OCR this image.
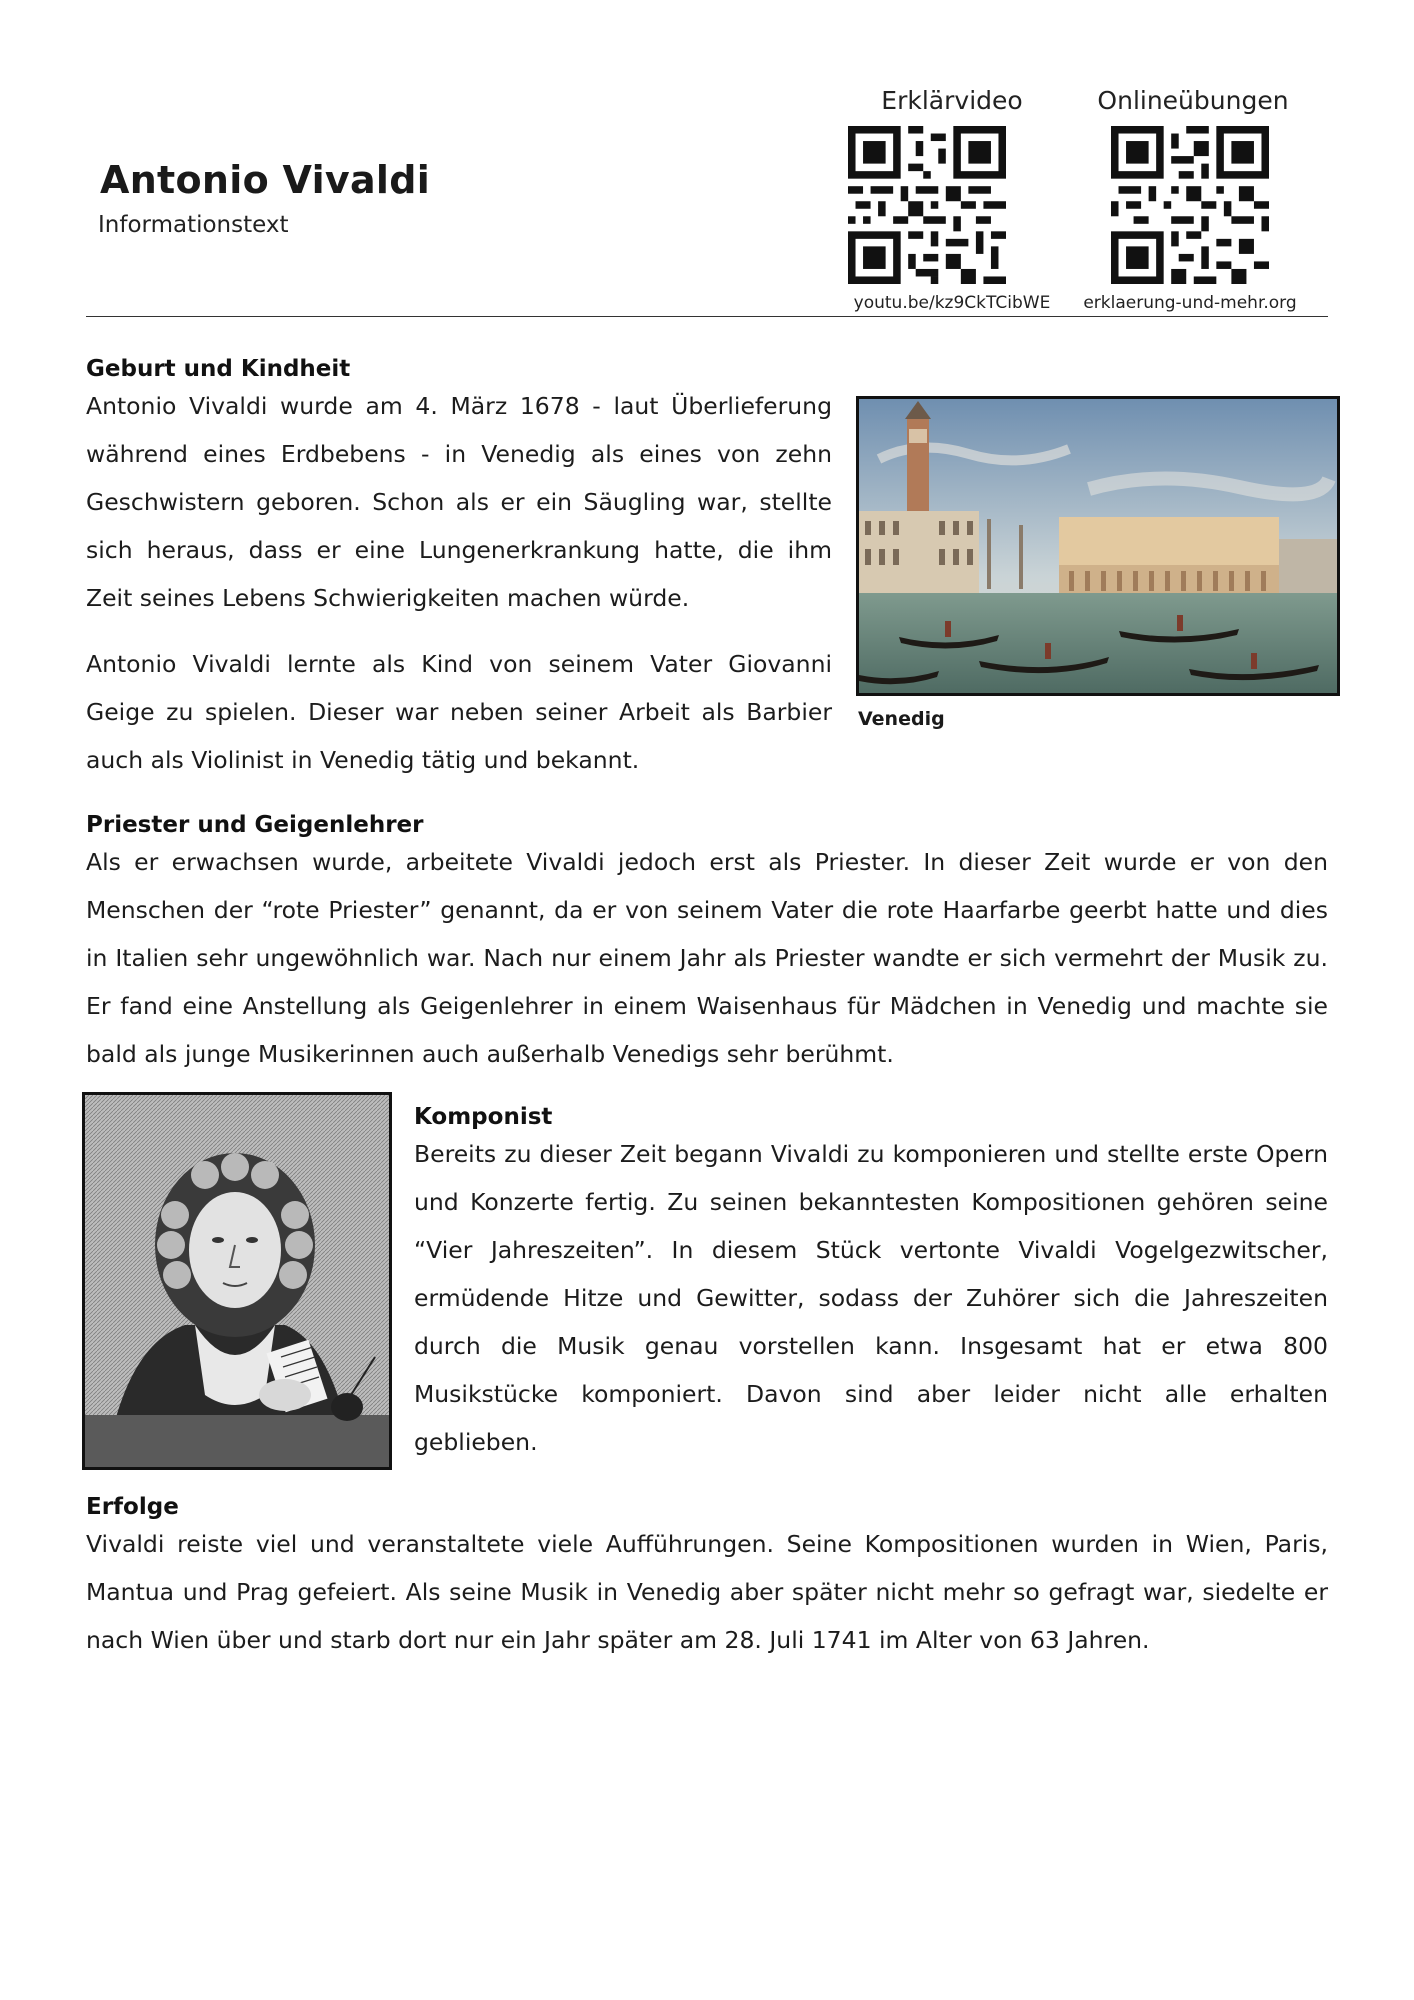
Antonio Vivaldi
Informationstext
Erklärvideo
youtu.be/kz9CkTCibWE
Onlineübungen
erklaerung-und-mehr.org
Geburt und Kindheit
Antonio Vivaldi wurde am 4. März 1678 - laut Überlieferung während eines Erdbebens - in Venedig als eines von zehn Geschwistern geboren. Schon als er ein Säugling war, stellte sich heraus, dass er eine Lungenerkrankung hatte, die ihm Zeit seines Lebens Schwierigkeiten machen würde.
Antonio Vivaldi lernte als Kind von seinem Vater Giovanni Geige zu spielen. Dieser war neben seiner Arbeit als Barbier auch als Violinist in Venedig tätig und bekannt.
Venedig
Priester und Geigenlehrer
Als er erwachsen wurde, arbeitete Vivaldi jedoch erst als Priester. In dieser Zeit wurde er von den Menschen der “rote Priester” genannt, da er von seinem Vater die rote Haarfarbe geerbt hatte und dies in Italien sehr ungewöhnlich war. Nach nur einem Jahr als Priester wandte er sich vermehrt der Musik zu. Er fand eine Anstellung als Geigenlehrer in einem Waisenhaus für Mädchen in Venedig und machte sie bald als junge Musikerinnen auch außerhalb Venedigs sehr berühmt.
Komponist
Bereits zu dieser Zeit begann Vivaldi zu komponieren und stellte erste Opern und Konzerte fertig. Zu seinen bekanntesten Kompositionen gehören seine “Vier Jahreszeiten”. In diesem Stück vertonte Vivaldi Vogelgezwitscher, ermüdende Hitze und Gewitter, sodass der Zuhörer sich die Jahreszeiten durch die Musik genau vorstellen kann. Insgesamt hat er etwa 800 Musikstücke komponiert. Davon sind aber leider nicht alle erhalten geblieben.
Erfolge
Vivaldi reiste viel und veranstaltete viele Aufführungen. Seine Kompositionen wurden in Wien, Paris, Mantua und Prag gefeiert. Als seine Musik in Venedig aber später nicht mehr so gefragt war, siedelte er nach Wien über und starb dort nur ein Jahr später am 28. Juli 1741 im Alter von 63 Jahren.
